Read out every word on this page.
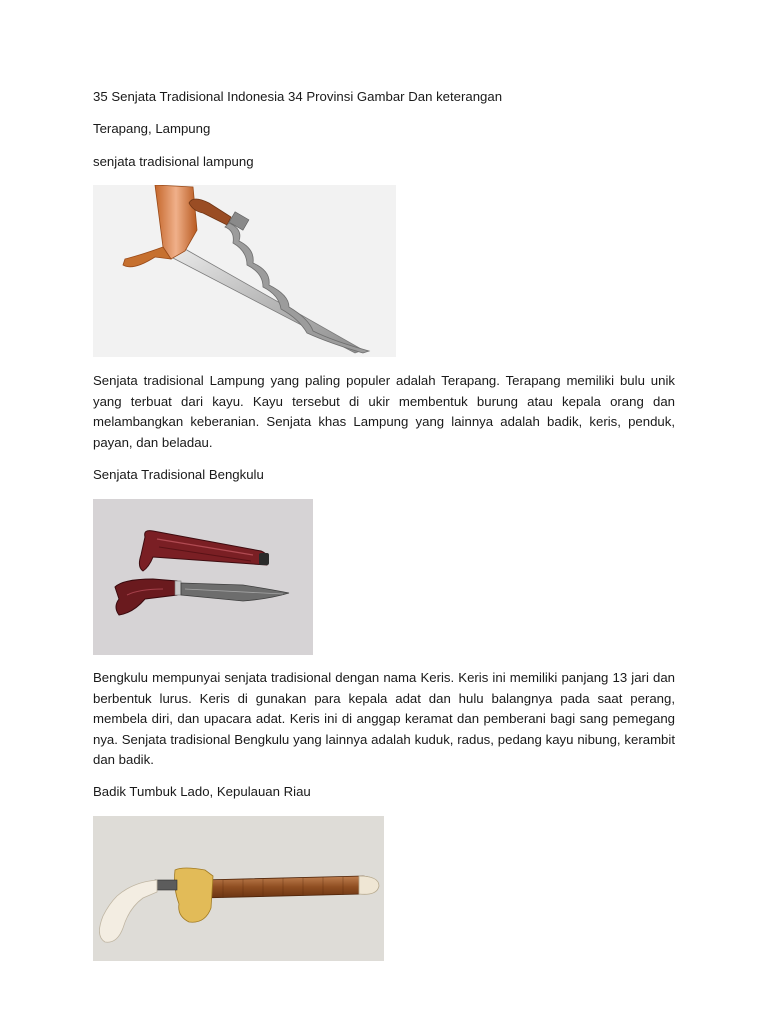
35 Senjata Tradisional Indonesia 34 Provinsi Gambar Dan keterangan

Terapang, Lampung

senjata tradisional lampung

Senjata tradisional Lampung yang paling populer adalah Terapang. Terapang memiliki bulu unik yang terbuat dari kayu. Kayu tersebut di ukir membentuk burung atau kepala orang dan melambangkan keberanian. Senjata khas Lampung yang lainnya adalah badik, keris, penduk, payan, dan beladau.

Senjata Tradisional Bengkulu

Bengkulu mempunyai senjata tradisional dengan nama Keris. Keris ini memiliki panjang 13 jari dan berbentuk lurus. Keris di gunakan para kepala adat dan hulu balangnya pada saat perang, membela diri, dan upacara adat. Keris ini di anggap keramat dan pemberani bagi sang pemegang nya. Senjata tradisional Bengkulu yang lainnya adalah kuduk, radus, pedang kayu nibung, kerambit dan badik.

Badik Tumbuk Lado, Kepulauan Riau
